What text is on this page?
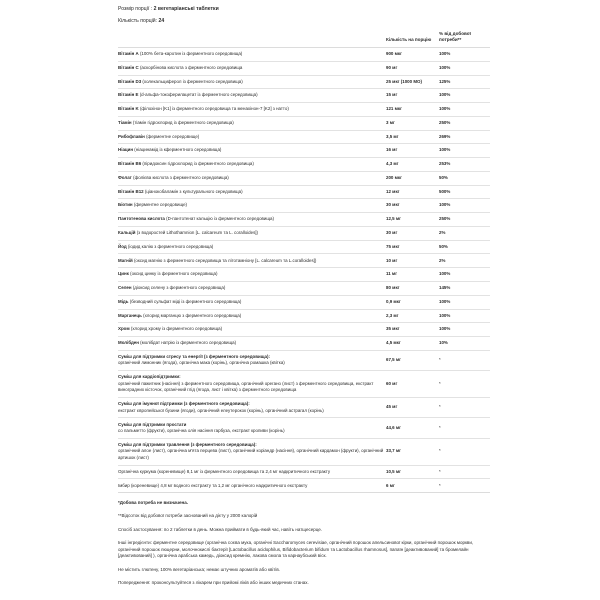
Розмір порції : 2 вегетаріанські таблетки

Кількість порцій: 24

	Кількість на порцію	% від добової потреби**
Вітамін A (100% бета-каротин із ферментного середовища)	900 мкг	100%
Вітамін C (аскорбінова кислота з ферментного середовища	90 мг	100%
Вітамін D3 (холекальциферол із ферментного середовища)	25 мкг (1000 МО)	125%
Вітамін E (d-альфа-токоферилацетат із ферментного середовища)	15 мг	100%
Вітамін K (філохінон [K1] із ферментного середовища та менахінон-7 [K2] з натто)	121 мкг	100%
Тіамін (тіамін гідрохлорид із ферментного середовища)	3 мг	250%
Рибофлавін (ферментне середовище)	3,5 мг	269%
Ніацин (ніацинамід із кферментного середовища)	16 мг	100%
Вітамін B6 (піридоксин гідрохлорид із ферментного середовища)	4,3 мг	253%
Фолат (фолієва кислота з ферментного середовища)	200 мкг	50%
Вітамін B12 (ціанокобаламін з культурального середовища)	12 мкг	500%
Біотин (ферментне середовище)	30 мкг	100%
Пантотенова кислота (D-пантотенат кальцію із ферментного середовища)	12,5 мг	250%
Кальцій (з водоростей Lithothamnion [L. calcareum та L. coralloides])	30 мг	2%
Йод (іодид калію з ферментного середовища)	75 мкг	50%
Магній (оксид магнію з ферментного середовища та літотамніону [L. calcareum та L.coralloides])	10 мг	2%
Цинк (оксид цинку із ферментного середовища)	11 мг	100%
Селен (діоксид селену з ферментного середовища)	80 мкг	145%
Мідь (безводний сульфат міді із ферментного середовища)	0,9 мкг	100%
Марганець (хлорид марганцю з ферментного середовища)	2,3 мг	100%
Хром (хлорид хрому із ферментного середовища)	35 мкг	100%
Молібден (молібдат натрію із ферментного середовища)	4,5 мкг	10%

Суміш для підтримки стресу та енергії (з ферментного середовища):
органічний лимонник (ягода), органічна мака (корінь), органічна ромашка (квітка)	67,5 мг	*

Суміш для кардіопідтримки:
органічний пажитник (насіння) з ферментного середовища, органічний орегано (лист) з ферментного середовища, екстракт виноградних кісточок, органічний глід (ягода, лист і квітка) з ферментного середовища	60 мг	*

Суміш для імунної підтримки (з ферментного середовища):
екстракт європейської бузини (ягоди), органічний елеутерокок (корінь), органічний астрагал (корінь)	45 мг	*

Суміш для підтримки простати
со пальметто (фрукти), органічна олія насіння гарбуза, екстракт кропиви (корінь)	44,6 мг	*

Суміш для підтримки травлення (з ферментного середовища):
органічний алое (лист), органічна м'ята перцева (лист), органічний коріандр (насіння), органічний кардамон (фрукти), органічний артишок (лист)	33,7 мг	*
Органічна куркума (кореневище) 8,1 мг із ферментного середовища та 2,4 мг надкритичного екстракту	10,5 мг	*
Імбир (кореневище) 4,8 мг водного екстракту та 1,2 мг органічного надкритичного екстракту	6 мг	*

*Добова потреба не визначена.

**Відсоток від добової потреби заснований на дієту у 2000 калорій

Спосіб застосування: по 2 таблетки в день. Можна приймати в будь-який час, навіть натщесерце.

Інші інгредієнти: ферментне середовище (органічна соєва мука, органічні Saccharomyces cerevisiae, органічний порошок апельсинової кірки, органічний порошок моркви, органічний порошок люцерни, молочнокислі бактерії [Lactobacillus acidophilus, Bifidobacterium bifidum та Lactobacillus rhamnosus], папаїн [деактивований] та бромелайн [деактивований] ), органічна арабська камедь, діоксид кремнію, лакова смола та карнаубський віск.

Не містить глютену, 100% вегетаріанська; немає штучних ароматів або квітів.

Попередження: проконсультуйтеся з лікарем при прийомі ліків або інших медичних станах.
